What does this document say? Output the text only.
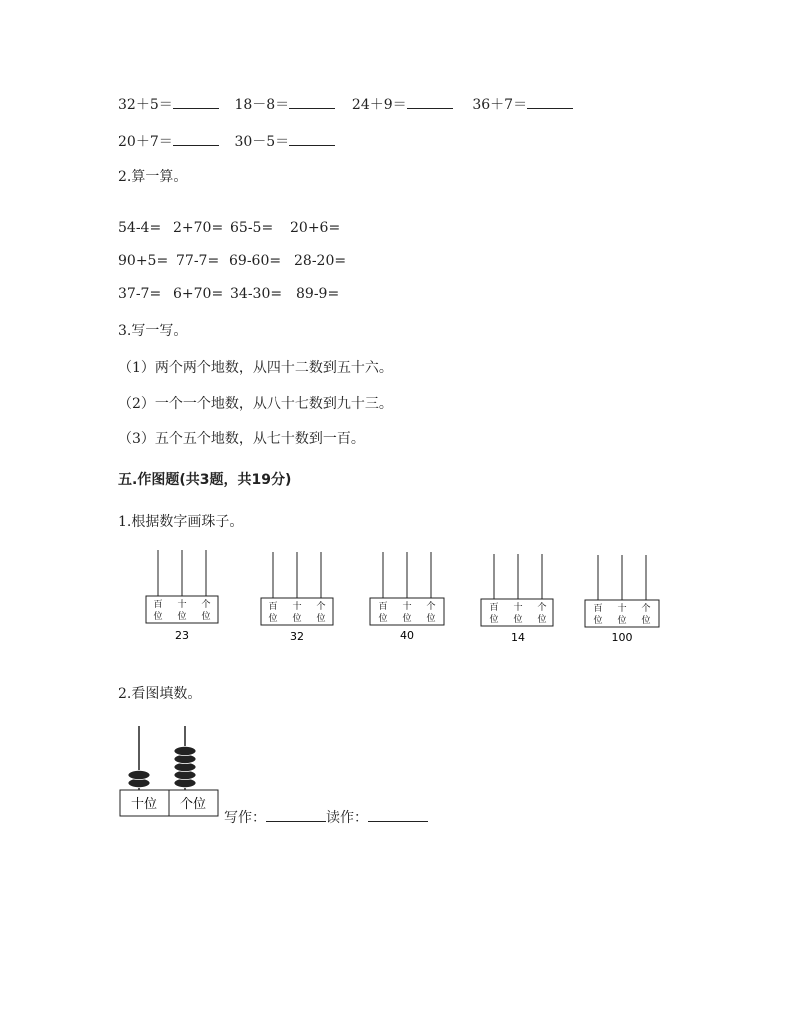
32＋5＝	18－8＝	24＋9＝	36＋7＝
20＋7＝	30－5＝
2.算一算。
54-4= 2+70= 65-5= 20+6=
90+5= 77-7= 69-60= 28-20=
37-7= 6+70= 34-30= 89-9=
3.写一写。
（1）两个两个地数，从四十二数到五十六。
（2）一个一个地数，从八十七数到九十三。
（3）五个五个地数，从七十数到一百。
五.作图题(共3题，共19分)
1.根据数字画珠子。
百 十 个
位 位 位
23
百 十 个
位 位 位
32
百 十 个
位 位 位
40
百 十 个
位 位 位
14
百 十 个
位 位 位
100
2.看图填数。
十位 个位
写作：	读作：
